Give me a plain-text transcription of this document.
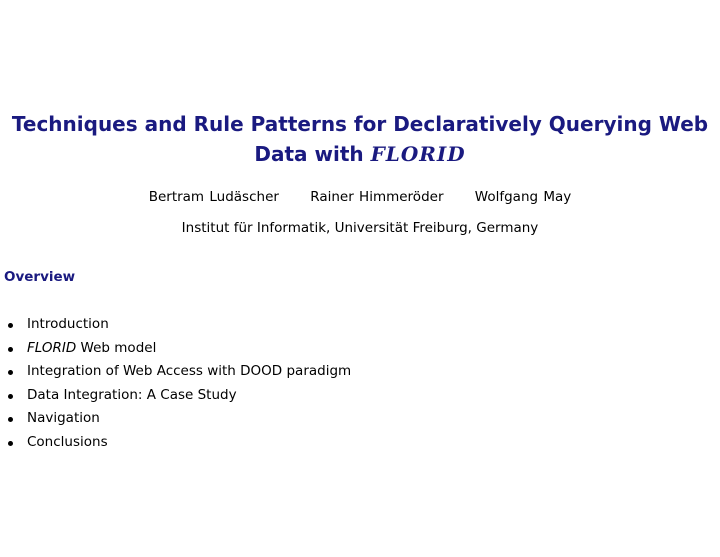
Techniques and Rule Patterns for Declaratively Querying Web
Data with FLORID
Bertram Ludäscher Rainer Himmeröder Wolfgang May
Institut für Informatik, Universität Freiburg, Germany
Overview
Introduction
FLORID Web model
Integration of Web Access with DOOD paradigm
Data Integration: A Case Study
Navigation
Conclusions
